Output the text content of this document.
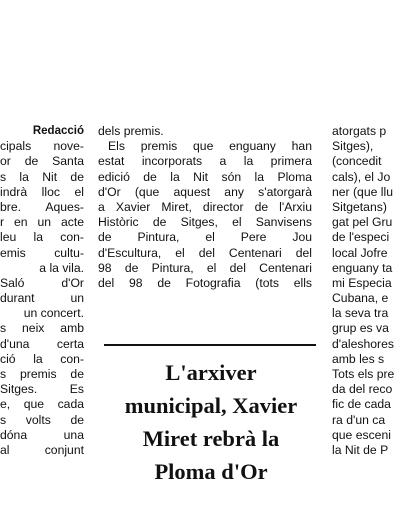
Redacció
cipals nove-
or de Santa
s la Nit de
indrà lloc el
bre. Aques-
r en un acte
leu la con-
emis cultu-
a la vila.
Saló d'Or
durant un
un concert.
s neix amb
d'una certa
ció la con-
s premis de
Sitges. Es
e, que cada
s volts de
dóna una
al conjunt
dels premis.
Els premis que enguany han
estat incorporats a la primera
edició de la Nit són la Ploma
d'Or (que aquest any s'atorgarà
a Xavier Miret, director de l'Arxiu
Històric de Sitges, el Sanvisens
de Pintura, el Pere Jou
d'Escultura, el del Centenari del
98 de Pintura, el del Centenari
del 98 de Fotografia (tots ells
L'arxiver
municipal, Xavier
Miret rebrà la
Ploma d'Or
atorgats p
Sitges),
(concedit
cals), el Jo
ner (que llu
Sitgetans)
gat pel Gru
de l'especi
local Jofre
enguany ta
mi Especia
Cubana, e
la seva tra
grup es va
d'aleshores
amb les s
Tots els pre
da del reco
fic de cada
ra d'un ca
que esceni
la Nit de P
